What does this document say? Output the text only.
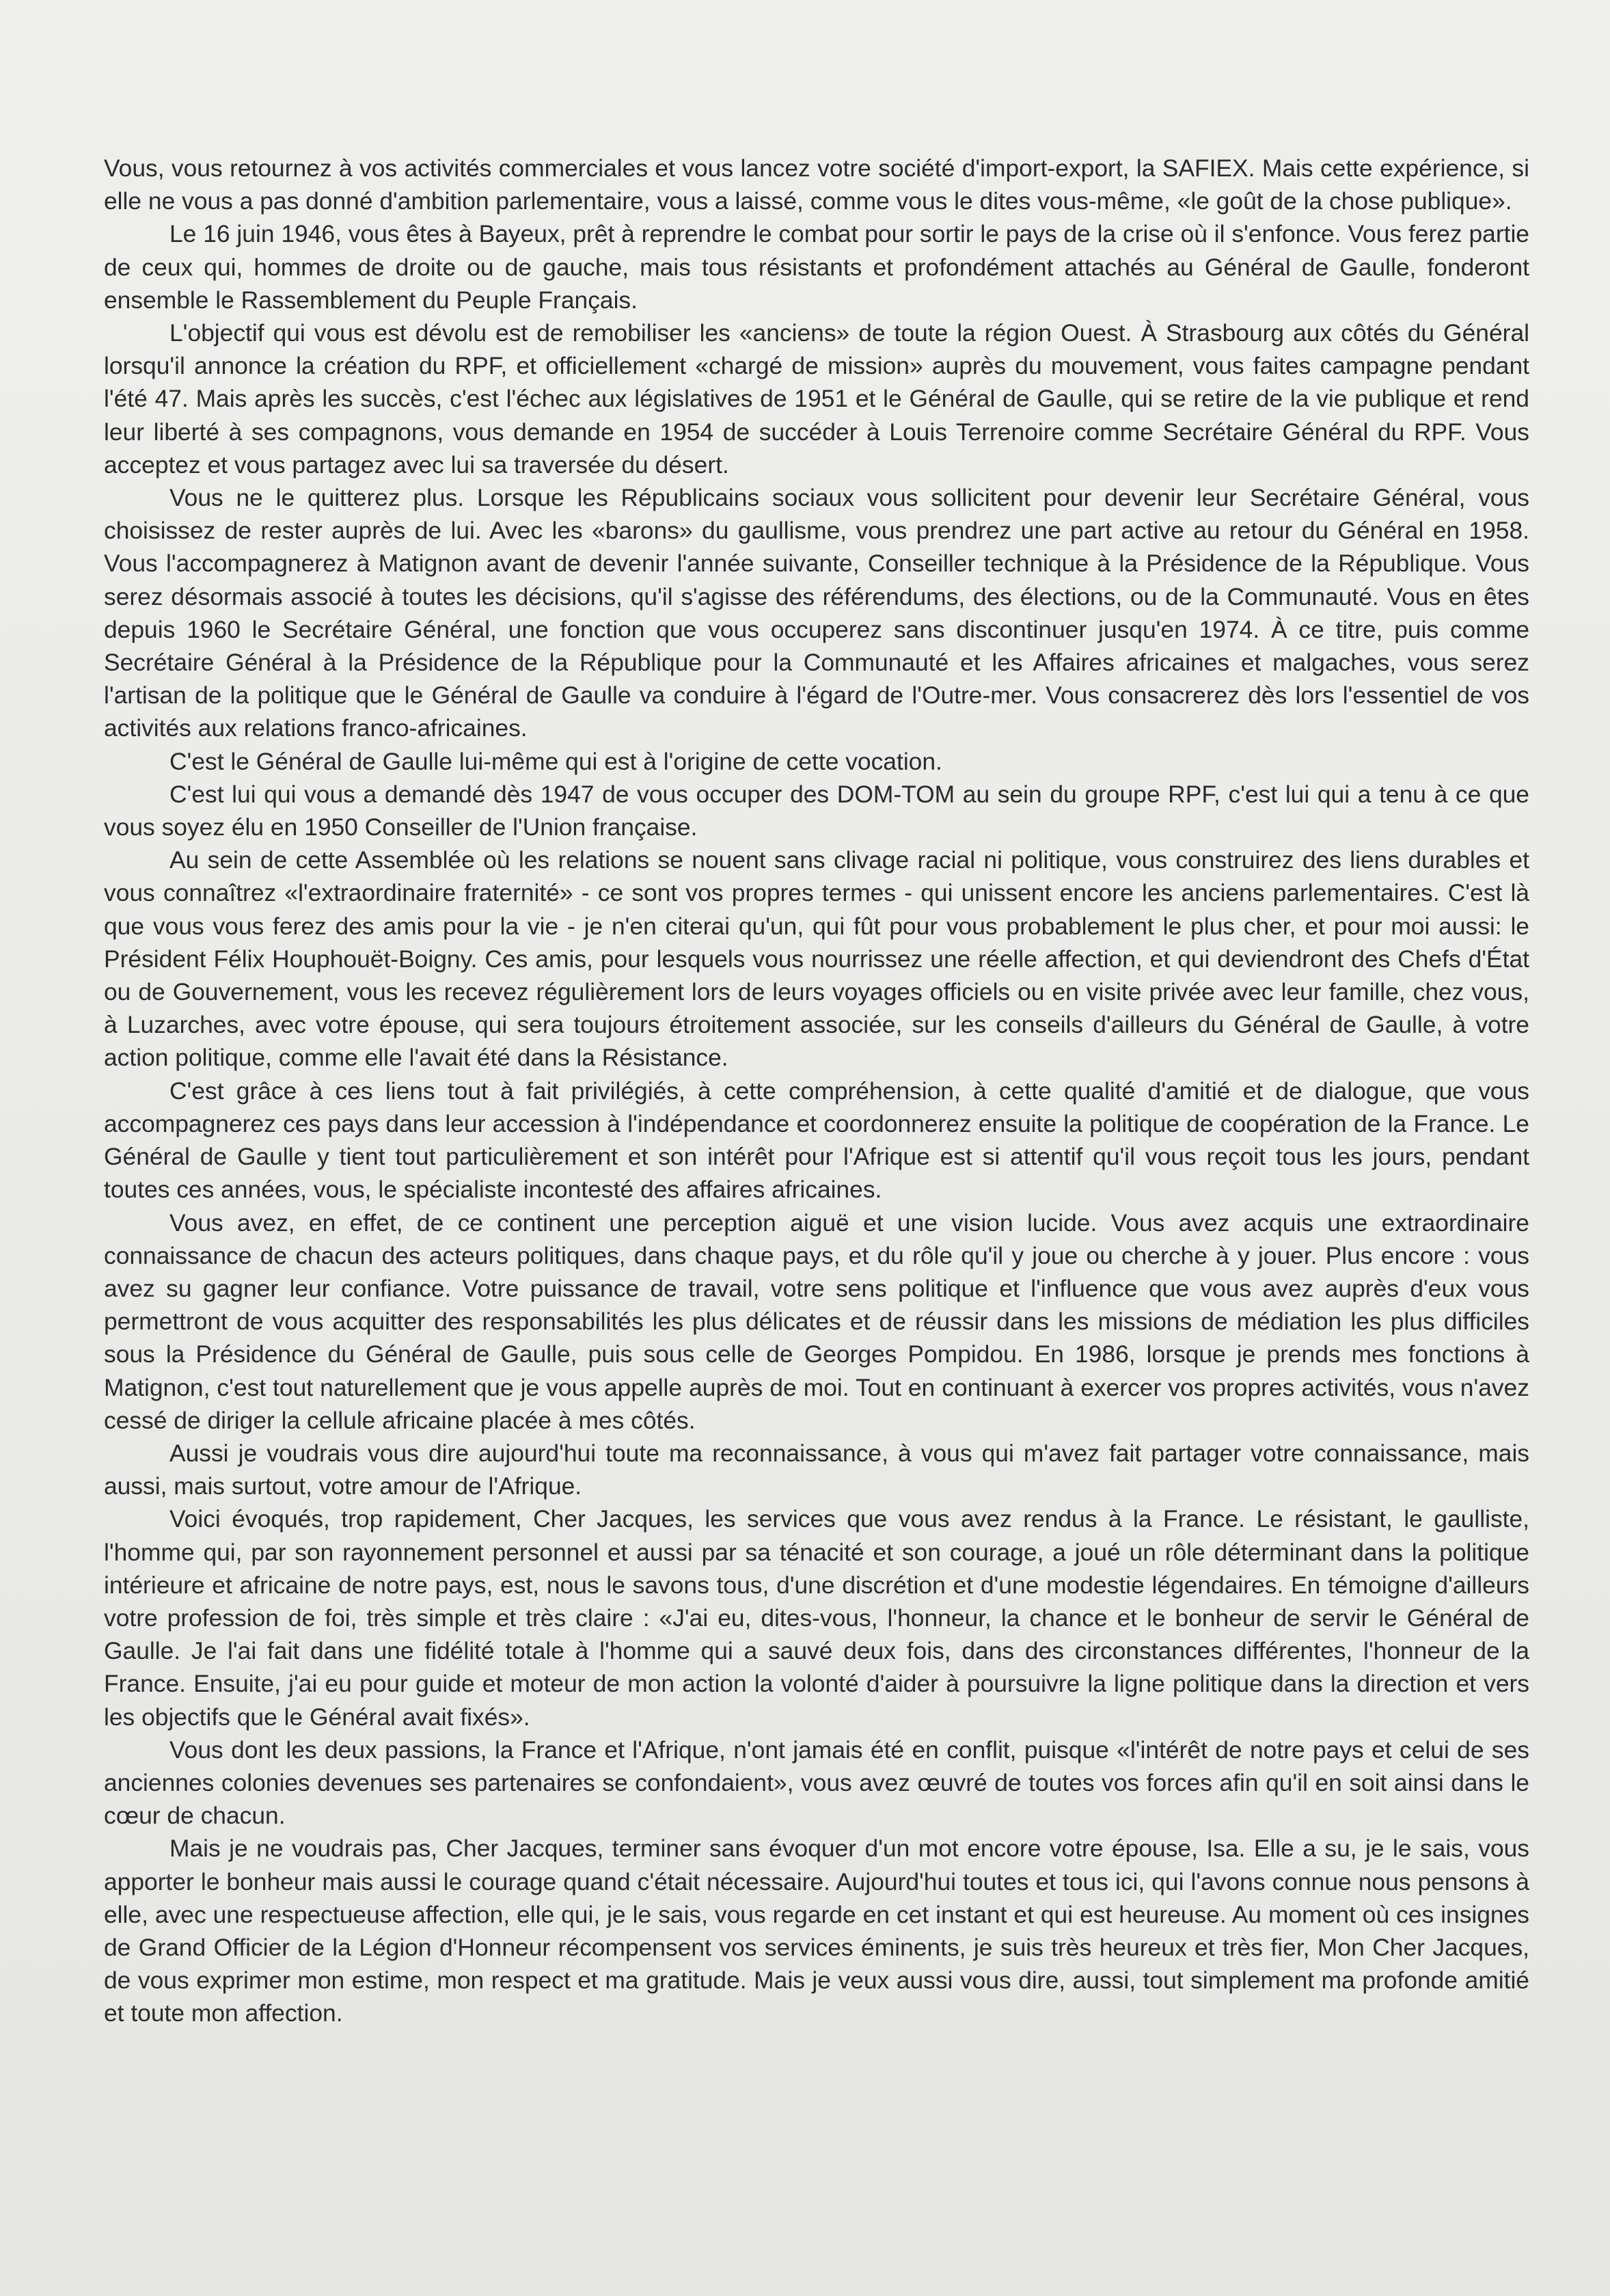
Vous, vous retournez à vos activités commerciales et vous lancez votre société d'import-export, la SAFIEX. Mais cette expérience, si elle ne vous a pas donné d'ambition parlementaire, vous a laissé, comme vous le dites vous-même, «le goût de la chose publique».

Le 16 juin 1946, vous êtes à Bayeux, prêt à reprendre le combat pour sortir le pays de la crise où il s'enfonce. Vous ferez partie de ceux qui, hommes de droite ou de gauche, mais tous résistants et profondément attachés au Général de Gaulle, fonderont ensemble le Rassemblement du Peuple Français.

L'objectif qui vous est dévolu est de remobiliser les «anciens» de toute la région Ouest. À Strasbourg aux côtés du Général lorsqu'il annonce la création du RPF, et officiellement «chargé de mission» auprès du mouvement, vous faites campagne pendant l'été 47. Mais après les succès, c'est l'échec aux législatives de 1951 et le Général de Gaulle, qui se retire de la vie publique et rend leur liberté à ses compagnons, vous demande en 1954 de succéder à Louis Terrenoire comme Secrétaire Général du RPF. Vous acceptez et vous partagez avec lui sa traversée du désert.

Vous ne le quitterez plus. Lorsque les Républicains sociaux vous sollicitent pour devenir leur Secrétaire Général, vous choisissez de rester auprès de lui. Avec les «barons» du gaullisme, vous prendrez une part active au retour du Général en 1958. Vous l'accompagnerez à Matignon avant de devenir l'année suivante, Conseiller technique à la Présidence de la République. Vous serez désormais associé à toutes les décisions, qu'il s'agisse des référendums, des élections, ou de la Communauté. Vous en êtes depuis 1960 le Secrétaire Général, une fonction que vous occuperez sans discontinuer jusqu'en 1974. À ce titre, puis comme Secrétaire Général à la Présidence de la République pour la Communauté et les Affaires africaines et malgaches, vous serez l'artisan de la politique que le Général de Gaulle va conduire à l'égard de l'Outre-mer. Vous consacrerez dès lors l'essentiel de vos activités aux relations franco-africaines.

C'est le Général de Gaulle lui-même qui est à l'origine de cette vocation.

C'est lui qui vous a demandé dès 1947 de vous occuper des DOM-TOM au sein du groupe RPF, c'est lui qui a tenu à ce que vous soyez élu en 1950 Conseiller de l'Union française.

Au sein de cette Assemblée où les relations se nouent sans clivage racial ni politique, vous construirez des liens durables et vous connaîtrez «l'extraordinaire fraternité» - ce sont vos propres termes - qui unissent encore les anciens parlementaires. C'est là que vous vous ferez des amis pour la vie - je n'en citerai qu'un, qui fût pour vous probablement le plus cher, et pour moi aussi: le Président Félix Houphouët-Boigny. Ces amis, pour lesquels vous nourrissez une réelle affection, et qui deviendront des Chefs d'État ou de Gouvernement, vous les recevez régulièrement lors de leurs voyages officiels ou en visite privée avec leur famille, chez vous, à Luzarches, avec votre épouse, qui sera toujours étroitement associée, sur les conseils d'ailleurs du Général de Gaulle, à votre action politique, comme elle l'avait été dans la Résistance.

C'est grâce à ces liens tout à fait privilégiés, à cette compréhension, à cette qualité d'amitié et de dialogue, que vous accompagnerez ces pays dans leur accession à l'indépendance et coordonnerez ensuite la politique de coopération de la France. Le Général de Gaulle y tient tout particulièrement et son intérêt pour l'Afrique est si attentif qu'il vous reçoit tous les jours, pendant toutes ces années, vous, le spécialiste incontesté des affaires africaines.

Vous avez, en effet, de ce continent une perception aiguë et une vision lucide. Vous avez acquis une extraordinaire connaissance de chacun des acteurs politiques, dans chaque pays, et du rôle qu'il y joue ou cherche à y jouer. Plus encore : vous avez su gagner leur confiance. Votre puissance de travail, votre sens politique et l'influence que vous avez auprès d'eux vous permettront de vous acquitter des responsabilités les plus délicates et de réussir dans les missions de médiation les plus difficiles sous la Présidence du Général de Gaulle, puis sous celle de Georges Pompidou. En 1986, lorsque je prends mes fonctions à Matignon, c'est tout naturellement que je vous appelle auprès de moi. Tout en continuant à exercer vos propres activités, vous n'avez cessé de diriger la cellule africaine placée à mes côtés.

Aussi je voudrais vous dire aujourd'hui toute ma reconnaissance, à vous qui m'avez fait partager votre connaissance, mais aussi, mais surtout, votre amour de l'Afrique.

Voici évoqués, trop rapidement, Cher Jacques, les services que vous avez rendus à la France. Le résistant, le gaulliste, l'homme qui, par son rayonnement personnel et aussi par sa ténacité et son courage, a joué un rôle déterminant dans la politique intérieure et africaine de notre pays, est, nous le savons tous, d'une discrétion et d'une modestie légendaires. En témoigne d'ailleurs votre profession de foi, très simple et très claire : «J'ai eu, dites-vous, l'honneur, la chance et le bonheur de servir le Général de Gaulle. Je l'ai fait dans une fidélité totale à l'homme qui a sauvé deux fois, dans des circonstances différentes, l'honneur de la France. Ensuite, j'ai eu pour guide et moteur de mon action la volonté d'aider à poursuivre la ligne politique dans la direction et vers les objectifs que le Général avait fixés».

Vous dont les deux passions, la France et l'Afrique, n'ont jamais été en conflit, puisque «l'intérêt de notre pays et celui de ses anciennes colonies devenues ses partenaires se confondaient», vous avez œuvré de toutes vos forces afin qu'il en soit ainsi dans le cœur de chacun.

Mais je ne voudrais pas, Cher Jacques, terminer sans évoquer d'un mot encore votre épouse, Isa. Elle a su, je le sais, vous apporter le bonheur mais aussi le courage quand c'était nécessaire. Aujourd'hui toutes et tous ici, qui l'avons connue nous pensons à elle, avec une respectueuse affection, elle qui, je le sais, vous regarde en cet instant et qui est heureuse. Au moment où ces insignes de Grand Officier de la Légion d'Honneur récompensent vos services éminents, je suis très heureux et très fier, Mon Cher Jacques, de vous exprimer mon estime, mon respect et ma gratitude. Mais je veux aussi vous dire, aussi, tout simplement ma profonde amitié et toute mon affection.
